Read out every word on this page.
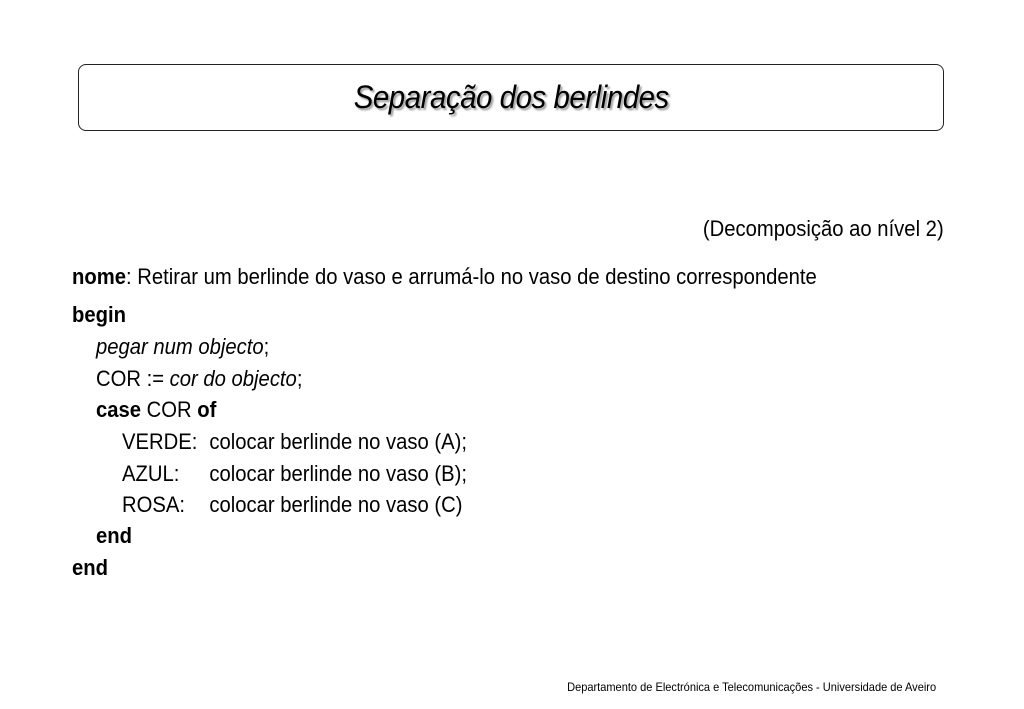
Separação dos berlindes
(Decomposição ao nível 2)
nome: Retirar um berlinde do vaso e arrumá-lo no vaso de destino correspondente
begin
pegar num objecto;
COR := cor do objecto;
case COR of
VERDE: colocar berlinde no vaso (A);
AZUL: colocar berlinde no vaso (B);
ROSA: colocar berlinde no vaso (C)
end
end
Departamento de Electrónica e Telecomunicações - Universidade de Aveiro
